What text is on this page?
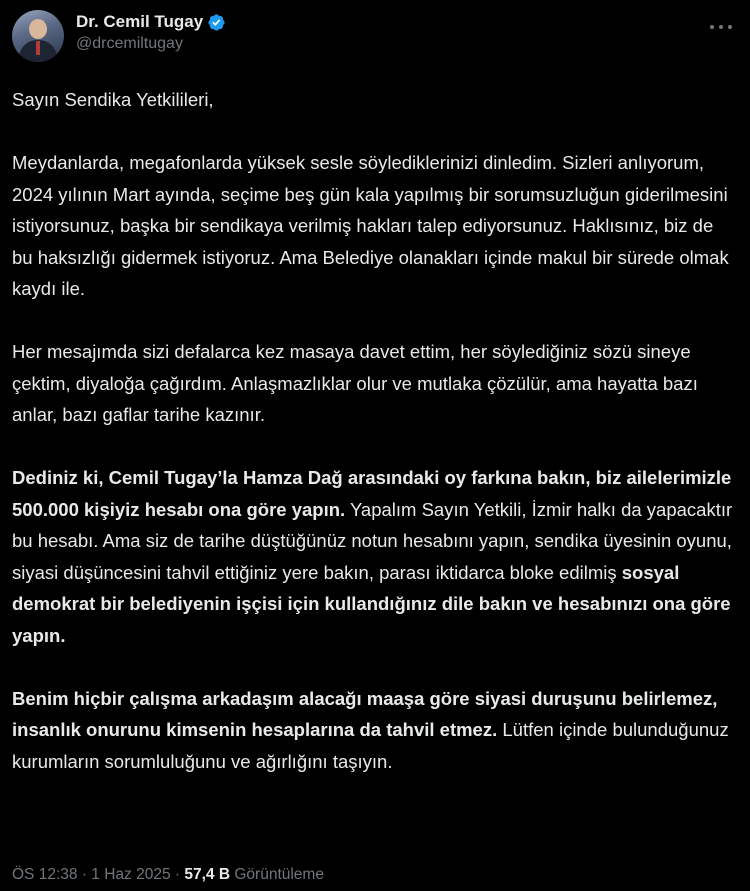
Dr. Cemil Tugay
@drcemiltugay

Sayın Sendika Yetkilileri,

Meydanlarda, megafonlarda yüksek sesle söylediklerinizi dinledim. Sizleri anlıyorum, 2024 yılının Mart ayında, seçime beş gün kala yapılmış bir sorumsuzluğun giderilmesini istiyorsunuz, başka bir sendikaya verilmiş hakları talep ediyorsunuz. Haklısınız, biz de bu haksızlığı gidermek istiyoruz. Ama Belediye olanakları içinde makul bir sürede olmak kaydı ile.

Her mesajımda sizi defalarca kez masaya davet ettim, her söylediğiniz sözü sineye çektim, diyaloğa çağırdım. Anlaşmazlıklar olur ve mutlaka çözülür, ama hayatta bazı anlar, bazı gaflar tarihe kazınır.

Dediniz ki, Cemil Tugay’la Hamza Dağ arasındaki oy farkına bakın, biz ailelerimizle 500.000 kişiyiz hesabı ona göre yapın. Yapalım Sayın Yetkili, İzmir halkı da yapacaktır bu hesabı. Ama siz de tarihe düştüğünüz notun hesabını yapın, sendika üyesinin oyunu, siyasi düşüncesini tahvil ettiğiniz yere bakın, parası iktidarca bloke edilmiş sosyal demokrat bir belediyenin işçisi için kullandığınız dile bakın ve hesabınızı ona göre yapın.

Benim hiçbir çalışma arkadaşım alacağı maaşa göre siyasi duruşunu belirlemez, insanlık onurunu kimsenin hesaplarına da tahvil etmez. Lütfen içinde bulunduğunuz kurumların sorumluluğunu ve ağırlığını taşıyın.

ÖS 12:38 · 1 Haz 2025 · 57,4 B Görüntüleme
